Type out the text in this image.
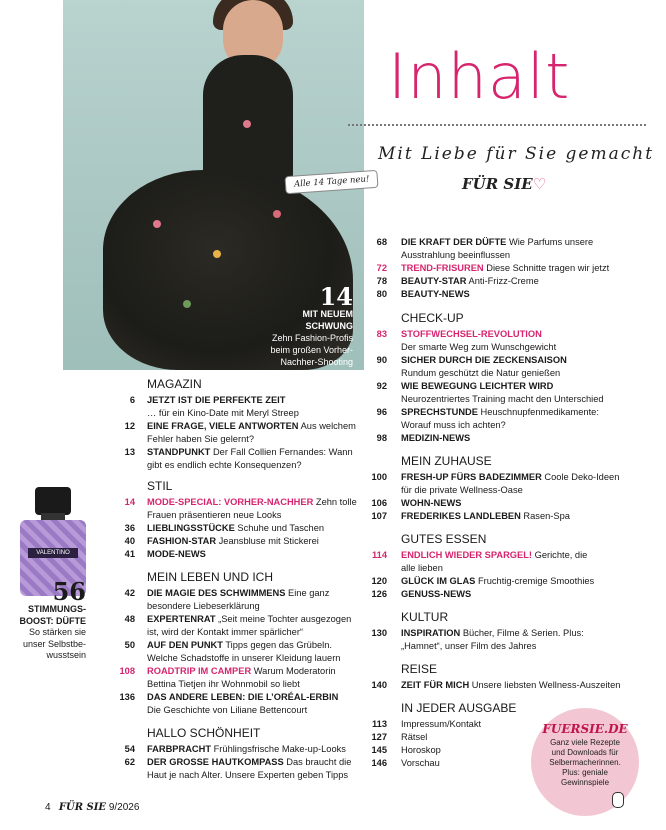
14
MIT NEUEM
SCHWUNG
Zehn Fashion-Profis
beim großen Vorher-
Nachher-Shooting
Alle 14 Tage neu!
Inhalt
Mit Liebe für Sie gemacht
FÜR SIE♡
VALENTINO
56
STIMMUNGS-
BOOST: DÜFTE
So stärken sie
unser Selbstbe-
wusstsein
MAGAZIN
6 JETZT IST DIE PERFEKTE ZEIT
… für ein Kino-Date mit Meryl Streep
12 EINE FRAGE, VIELE ANTWORTEN Aus welchem
Fehler haben Sie gelernt?
13 STANDPUNKT Der Fall Collien Fernandes: Wann
gibt es endlich echte Konsequenzen?
STIL
14 MODE-SPECIAL: VORHER-NACHHER Zehn tolle
Frauen präsentieren neue Looks
36 LIEBLINGSSTÜCKE Schuhe und Taschen
40 FASHION-STAR Jeansbluse mit Stickerei
41 MODE-NEWS
MEIN LEBEN UND ICH
42 DIE MAGIE DES SCHWIMMENS Eine ganz
besondere Liebeserklärung
48 EXPERTENRAT „Seit meine Tochter ausgezogen
ist, wird der Kontakt immer spärlicher“
50 AUF DEN PUNKT Tipps gegen das Grübeln.
Welche Schadstoffe in unserer Kleidung lauern
108 ROADTRIP IM CAMPER Warum Moderatorin
Bettina Tietjen ihr Wohnmobil so liebt
136 DAS ANDERE LEBEN: DIE L’ORÉAL-ERBIN
Die Geschichte von Liliane Bettencourt
HALLO SCHÖNHEIT
54 FARBPRACHT Frühlingsfrische Make-up-Looks
62 DER GROSSE HAUTKOMPASS Das braucht die
Haut je nach Alter. Unsere Experten geben Tipps
68 DIE KRAFT DER DÜFTE Wie Parfums unsere
Ausstrahlung beeinflussen
72 TREND-FRISUREN Diese Schnitte tragen wir jetzt
78 BEAUTY-STAR Anti-Frizz-Creme
80 BEAUTY-NEWS
CHECK-UP
83 STOFFWECHSEL-REVOLUTION
Der smarte Weg zum Wunschgewicht
90 SICHER DURCH DIE ZECKENSAISON
Rundum geschützt die Natur genießen
92 WIE BEWEGUNG LEICHTER WIRD
Neurozentriertes Training macht den Unterschied
96 SPRECHSTUNDE Heuschnupfenmedikamente:
Worauf muss ich achten?
98 MEDIZIN-NEWS
MEIN ZUHAUSE
100 FRESH-UP FÜRS BADEZIMMER Coole Deko-Ideen
für die private Wellness-Oase
106 WOHN-NEWS
107 FREDERIKES LANDLEBEN Rasen-Spa
GUTES ESSEN
114 ENDLICH WIEDER SPARGEL! Gerichte, die
alle lieben
120 GLÜCK IM GLAS Fruchtig-cremige Smoothies
126 GENUSS-NEWS
KULTUR
130 INSPIRATION Bücher, Filme & Serien. Plus:
„Hamnet“, unser Film des Jahres
REISE
140 ZEIT FÜR MICH Unsere liebsten Wellness-Auszeiten
IN JEDER AUSGABE
113 Impressum/Kontakt
127 Rätsel
145 Horoskop
146 Vorschau
FUERSIE.DE
Ganz viele Rezepte
und Downloads für
Selbermacherinnen.
Plus: geniale
Gewinnspiele
4 FÜR SIE 9/2026
